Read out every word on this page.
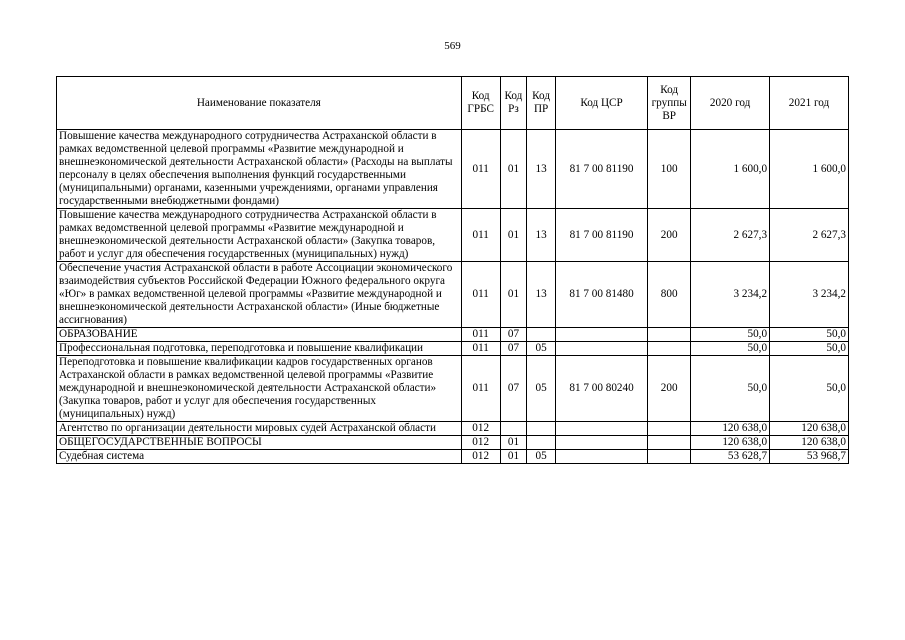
569
Наименование показателя	Код ГРБС	Код Рз	Код ПР	Код ЦСР	Код группы ВР	2020 год	2021 год
Повышение качества международного сотрудничества Астраханской области в рамках ведомственной целевой программы «Развитие международной и внешнеэкономической деятельности Астраханской области» (Расходы на выплаты персоналу в целях обеспечения выполнения функций государственными (муниципальными) органами, казенными учреждениями, органами управления государственными внебюджетными фондами)	011	01	13	81 7 00 81190	100	1 600,0	1 600,0
Повышение качества международного сотрудничества Астраханской области в рамках ведомственной целевой программы «Развитие международной и внешнеэкономической деятельности Астраханской области» (Закупка товаров, работ и услуг для обеспечения государственных (муниципальных) нужд)	011	01	13	81 7 00 81190	200	2 627,3	2 627,3
Обеспечение участия Астраханской области в работе Ассоциации экономического взаимодействия субъектов Российской Федерации Южного федерального округа «Юг» в рамках ведомственной целевой программы «Развитие международной и внешнеэкономической деятельности Астраханской области» (Иные бюджетные ассигнования)	011	01	13	81 7 00 81480	800	3 234,2	3 234,2
ОБРАЗОВАНИЕ	011	07				50,0	50,0
Профессиональная подготовка, переподготовка и повышение квалификации	011	07	05			50,0	50,0
Переподготовка и повышение квалификации кадров государственных органов Астраханской области в рамках ведомственной целевой программы «Развитие международной и внешнеэкономической деятельности Астраханской области» (Закупка товаров, работ и услуг для обеспечения государственных (муниципальных) нужд)	011	07	05	81 7 00 80240	200	50,0	50,0
Агентство по организации деятельности мировых судей Астраханской области	012					120 638,0	120 638,0
ОБЩЕГОСУДАРСТВЕННЫЕ ВОПРОСЫ	012	01				120 638,0	120 638,0
Судебная система	012	01	05			53 628,7	53 968,7
